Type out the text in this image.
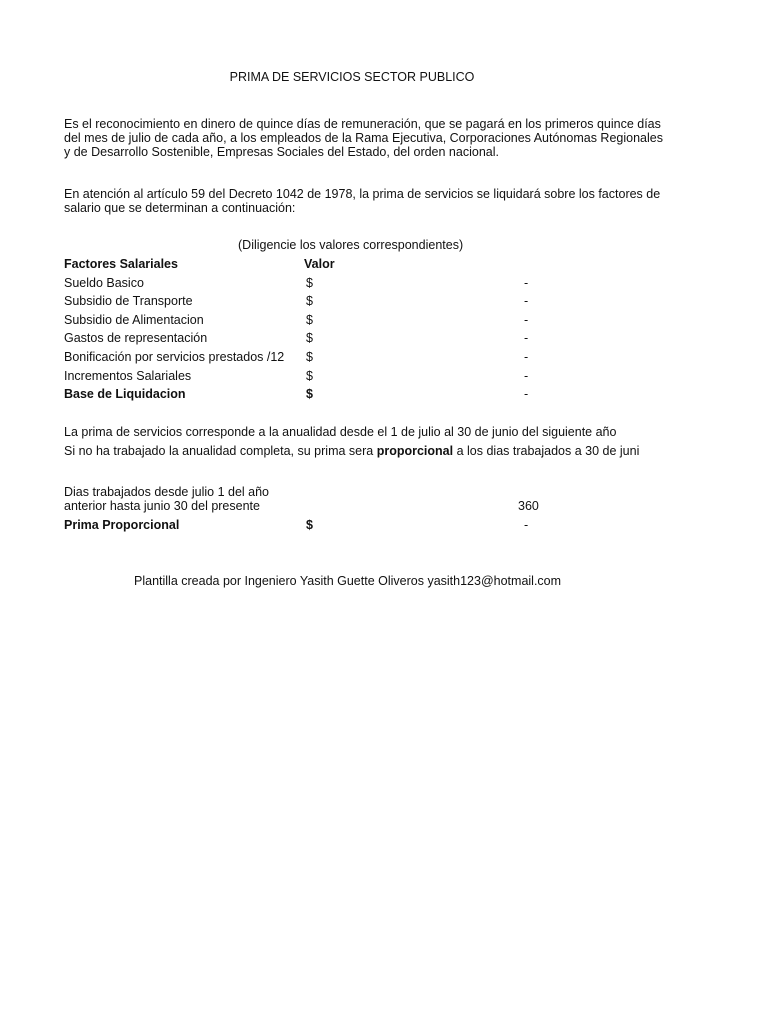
PRIMA DE SERVICIOS SECTOR PUBLICO
Es el reconocimiento en dinero de quince días de remuneración, que se pagará en los primeros quince días del mes de julio de cada año, a los empleados de la Rama Ejecutiva, Corporaciones Autónomas Regionales y de Desarrollo Sostenible, Empresas Sociales del Estado, del orden nacional.
En atención al artículo 59 del Decreto 1042 de 1978, la prima de servicios se liquidará sobre los factores de salario que se determinan a continuación:
(Diligencie los valores correspondientes)
Factores Salariales	Valor
Sueldo Basico	$	-
Subsidio de Transporte	$	-
Subsidio de Alimentacion	$	-
Gastos de representación	$	-
Bonificación por servicios prestados /12 $	-
Incrementos Salariales	$	-
Base de Liquidacion	$	-
La prima de servicios corresponde a la anualidad desde el 1 de julio al 30 de junio del siguiente año
Si no ha trabajado la anualidad completa, su prima sera proporcional a los dias trabajados a 30 de juni
Dias trabajados desde julio 1 del año
anterior hasta junio 30 del presente	360
Prima Proporcional	$	-
Plantilla creada por Ingeniero Yasith Guette Oliveros yasith123@hotmail.com
